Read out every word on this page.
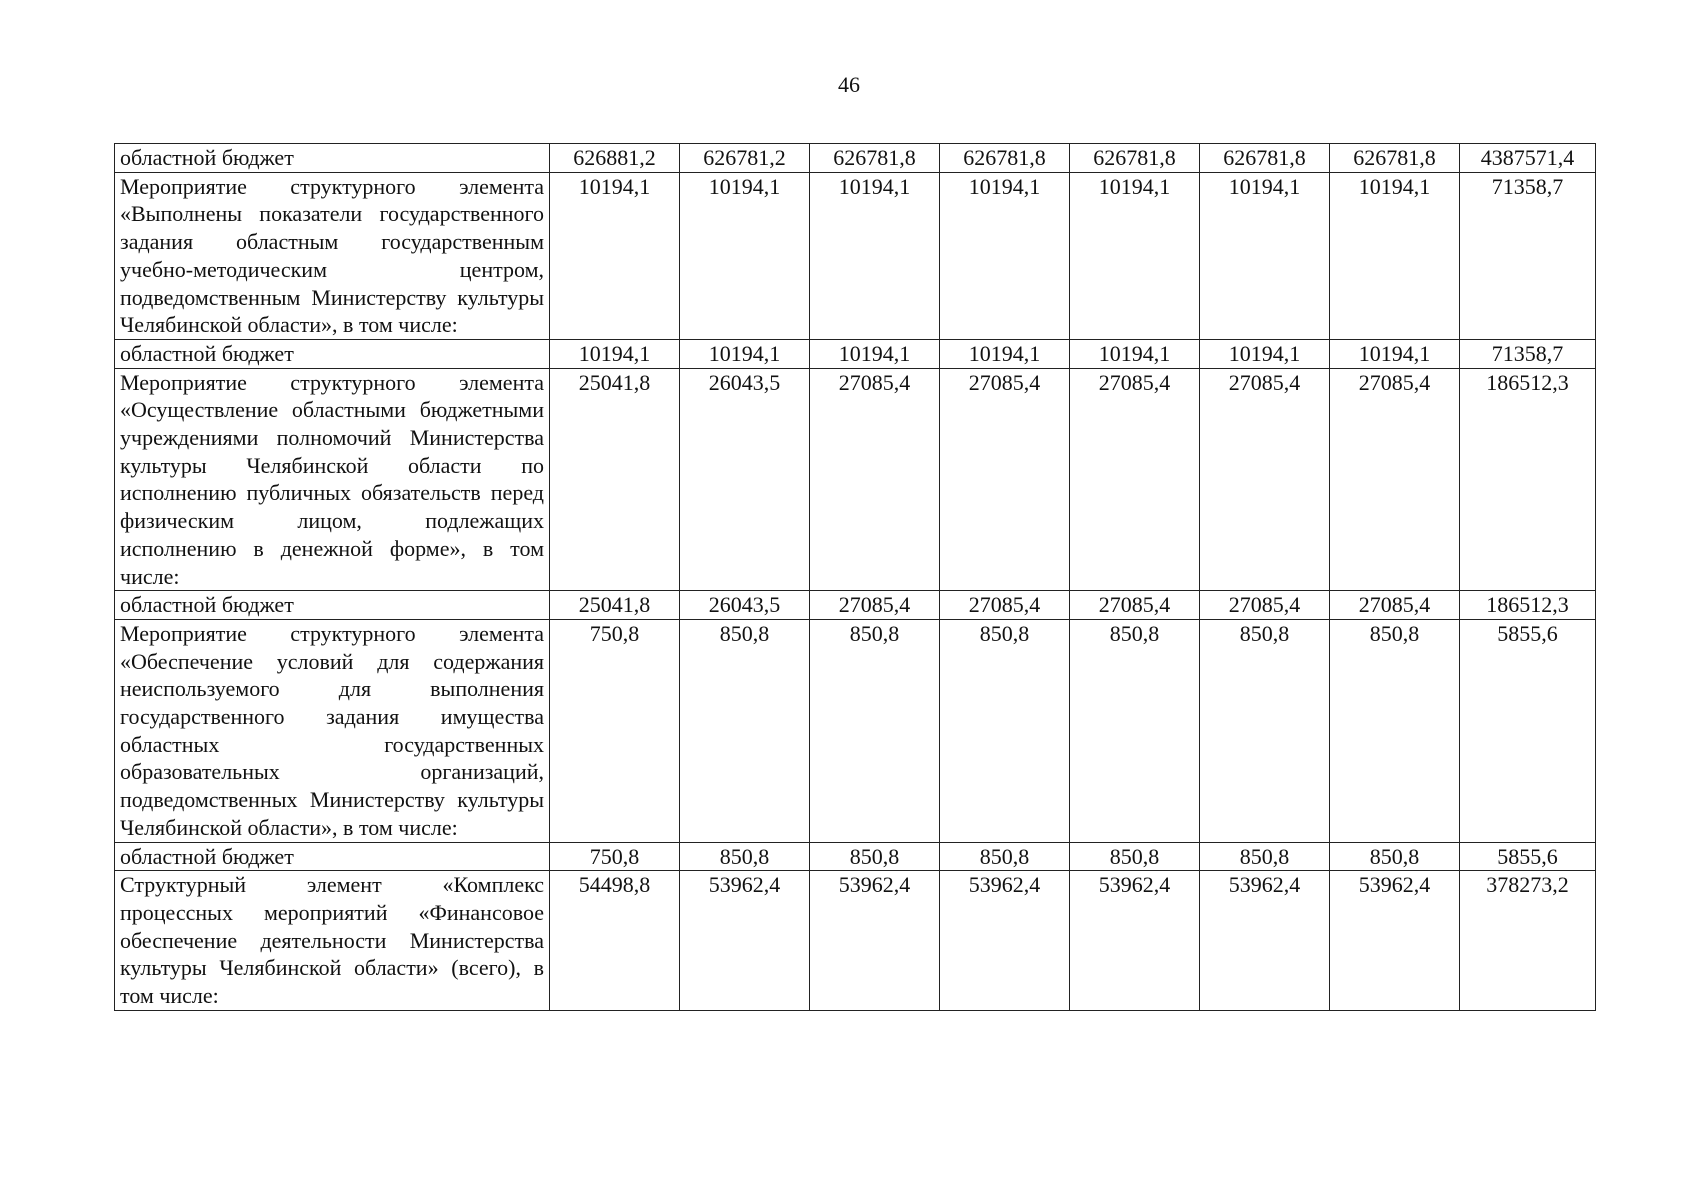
46
областной бюджет	626881,2	626781,2	626781,8	626781,8	626781,8	626781,8	626781,8	4387571,4
Мероприятие структурного элемента «Выполнены показатели государственного задания областным государственным учебно-методическим центром, подведомственным Министерству культуры Челябинской области», в том числе:	10194,1	10194,1	10194,1	10194,1	10194,1	10194,1	10194,1	71358,7
областной бюджет	10194,1	10194,1	10194,1	10194,1	10194,1	10194,1	10194,1	71358,7
Мероприятие структурного элемента «Осуществление областными бюджетными учреждениями полномочий Министерства культуры Челябинской области по исполнению публичных обязательств перед физическим лицом, подлежащих исполнению в денежной форме», в том числе:	25041,8	26043,5	27085,4	27085,4	27085,4	27085,4	27085,4	186512,3
областной бюджет	25041,8	26043,5	27085,4	27085,4	27085,4	27085,4	27085,4	186512,3
Мероприятие структурного элемента «Обеспечение условий для содержания неиспользуемого для выполнения государственного задания имущества областных государственных образовательных организаций, подведомственных Министерству культуры Челябинской области», в том числе:	750,8	850,8	850,8	850,8	850,8	850,8	850,8	5855,6
областной бюджет	750,8	850,8	850,8	850,8	850,8	850,8	850,8	5855,6
Структурный элемент «Комплекс процессных мероприятий «Финансовое обеспечение деятельности Министерства культуры Челябинской области» (всего), в том числе:	54498,8	53962,4	53962,4	53962,4	53962,4	53962,4	53962,4	378273,2
